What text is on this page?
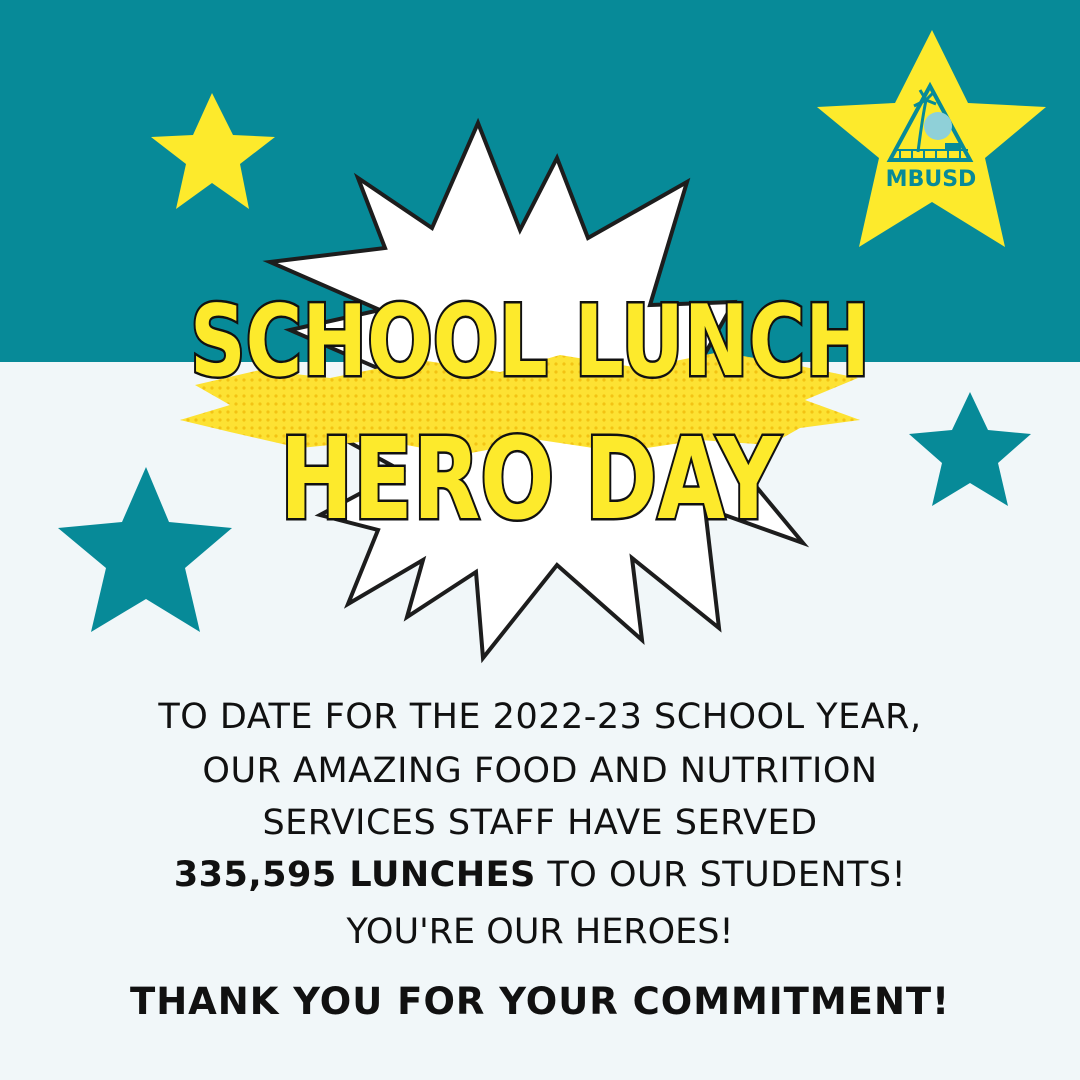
SCHOOL LUNCH
HERO DAY
MBUSD
TO DATE FOR THE 2022-23 SCHOOL YEAR,
OUR AMAZING FOOD AND NUTRITION
SERVICES STAFF HAVE SERVED
335,595 LUNCHES TO OUR STUDENTS!
YOU'RE OUR HEROES!
THANK YOU FOR YOUR COMMITMENT!
